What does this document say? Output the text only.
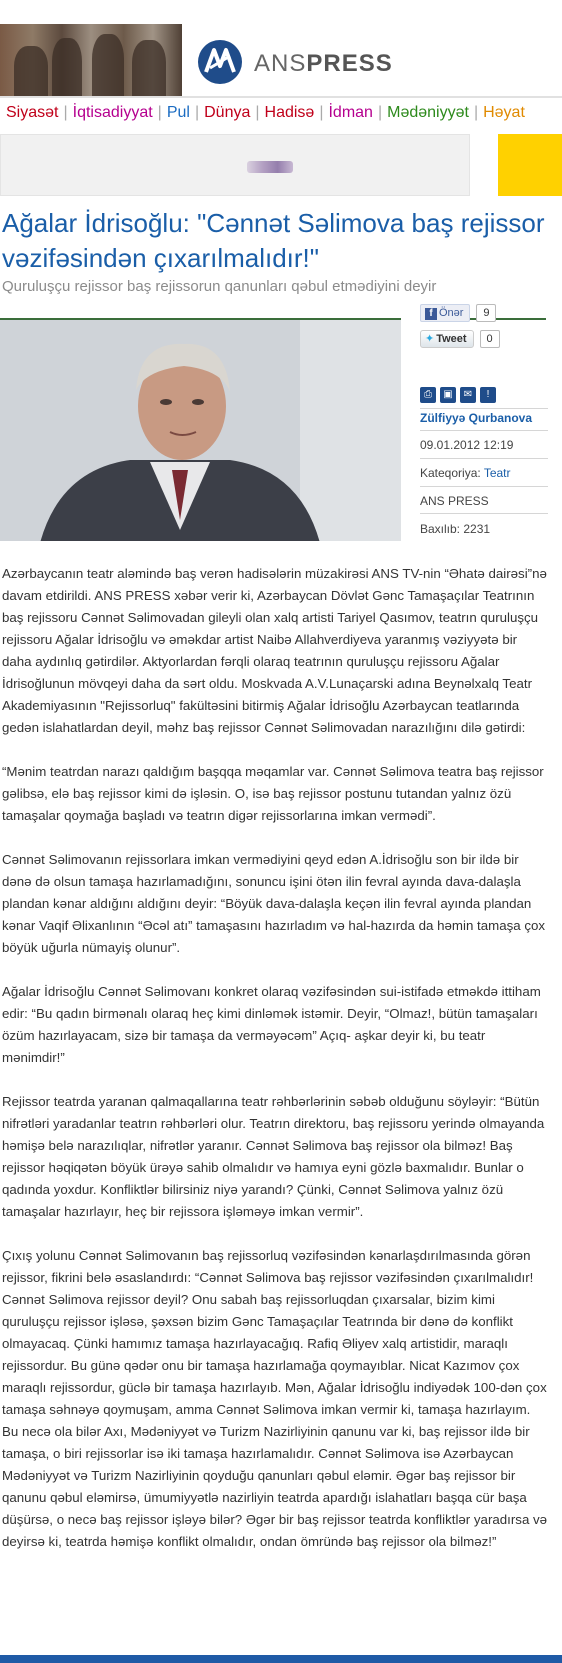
ANSPRESS
Siyasət | İqtisadiyyat | Pul | Dünya | Hadisə | İdman | Mədəniyyət | Həyat
Ağalar İdrisoğlu: "Cənnət Səlimova baş rejissor vəzifəsindən çıxarılmalıdır!"
Quruluşçu rejissor baş rejissorun qanunları qəbul etmədiyini deyir
f Önər 9
✦ Tweet 0
⎙ ▣ ✉ !
Zülfiyyə Qurbanova
09.01.2012 12:19
Kateqoriya: Teatr
ANS PRESS
Baxılıb: 2231

Azərbaycanın teatr aləmində baş verən hadisələrin müzakirəsi ANS TV-nin “Əhatə dairəsi”nə davam etdirildi. ANS PRESS xəbər verir ki, Azərbaycan Dövlət Gənc Tamaşaçılar Teatrının baş rejissoru Cənnət Səlimovadan gileyli olan xalq artisti Tariyel Qasımov, teatrın quruluşçu rejissoru Ağalar İdrisoğlu və əməkdar artist Naibə Allahverdiyeva yaranmış vəziyyətə bir daha aydınlıq gətirdilər. Aktyorlardan fərqli olaraq teatrının quruluşçu rejissoru Ağalar İdrisoğlunun mövqeyi daha da sərt oldu. Moskvada A.V.Lunaçarski adına Beynəlxalq Teatr Akademiyasının "Rejissorluq" fakültəsini bitirmiş Ağalar İdrisoğlu Azərbaycan teatlarında gedən islahatlardan deyil, məhz baş rejissor Cənnət Səlimovadan narazılığını dilə gətirdi:

“Mənim teatrdan narazı qaldığım başqqa məqamlar var. Cənnət Səlimova teatra baş rejissor gəlibsə, elə baş rejissor kimi də işləsin. O, isə baş rejissor postunu tutandan yalnız özü tamaşalar qoymağa başladı və teatrın digər rejissorlarına imkan vermədi”.

Cənnət Səlimovanın rejissorlara imkan vermədiyini qeyd edən A.İdrisoğlu son bir ildə bir dənə də olsun tamaşa hazırlamadığını, sonuncu işini ötən ilin fevral ayında dava-dalaşla plandan kənar aldığını aldığını deyir: “Böyük dava-dalaşla keçən ilin fevral ayında plandan kənar Vaqif Əlixanlının “Əcəl atı” tamaşasını hazırladım və hal-hazırda da həmin tamaşa çox böyük uğurla nümayiş olunur”.

Ağalar İdrisoğlu Cənnət Səlimovanı konkret olaraq vəzifəsindən sui-istifadə etməkdə ittiham edir: “Bu qadın birmənalı olaraq heç kimi dinləmək istəmir. Deyir, “Olmaz!, bütün tamaşaları özüm hazırlayacam, sizə bir tamaşa da verməyəcəm” Açıq- aşkar deyir ki, bu teatr mənimdir!”

Rejissor teatrda yaranan qalmaqallarına teatr rəhbərlərinin səbəb olduğunu söyləyir: “Bütün nifrətləri yaradanlar teatrın rəhbərləri olur. Teatrın direktoru, baş rejissoru yerində olmayanda həmişə belə narazılıqlar, nifrətlər yaranır. Cənnət Səlimova baş rejissor ola bilməz! Baş rejissor həqiqətən böyük ürəyə sahib olmalıdır və hamıya eyni gözlə baxmalıdır. Bunlar o qadında yoxdur. Konfliktlər bilirsiniz niyə yarandı? Çünki, Cənnət Səlimova yalnız özü tamaşalar hazırlayır, heç bir rejissora işləməyə imkan vermir”.

Çıxış yolunu Cənnət Səlimovanın baş rejissorluq vəzifəsindən kənarlaşdırılmasında görən rejissor, fikrini belə əsaslandırdı: “Cənnət Səlimova baş rejissor vəzifəsindən çıxarılmalıdır! Cənnət Səlimova rejissor deyil? Onu sabah baş rejissorluqdan çıxarsalar, bizim kimi quruluşçu rejissor işləsə, şəxsən bizim Gənc Tamaşaçılar Teatrında bir dənə də konflikt olmayacaq. Çünki hamımız tamaşa hazırlayacağıq. Rafiq Əliyev xalq artistidir, maraqlı rejissordur. Bu günə qədər onu bir tamaşa hazırlamağa qoymayıblar. Nicat Kazımov çox maraqlı rejissordur, güclə bir tamaşa hazırlayıb. Mən, Ağalar İdrisoğlu indiyədək 100-dən çox tamaşa səhnəyə qoymuşam, amma Cənnət Səlimova imkan vermir ki, tamaşa hazırlayım. Bu necə ola bilər Axı, Mədəniyyət və Turizm Nazirliyinin qanunu var ki, baş rejissor ildə bir tamaşa, o biri rejissorlar isə iki tamaşa hazırlamalıdır. Cənnət Səlimova isə Azərbaycan Mədəniyyət və Turizm Nazirliyinin qoyduğu qanunları qəbul eləmir. Əgər baş rejissor bir qanunu qəbul eləmirsə, ümumiyyətlə nazirliyin teatrda apardığı islahatları başqa cür başa düşürsə, o necə baş rejissor işləyə bilər? Əgər bir baş rejissor teatrda konfliktlər yaradırsa və deyirsə ki, teatrda həmişə konflikt olmalıdır, ondan ömründə baş rejissor ola bilməz!”
